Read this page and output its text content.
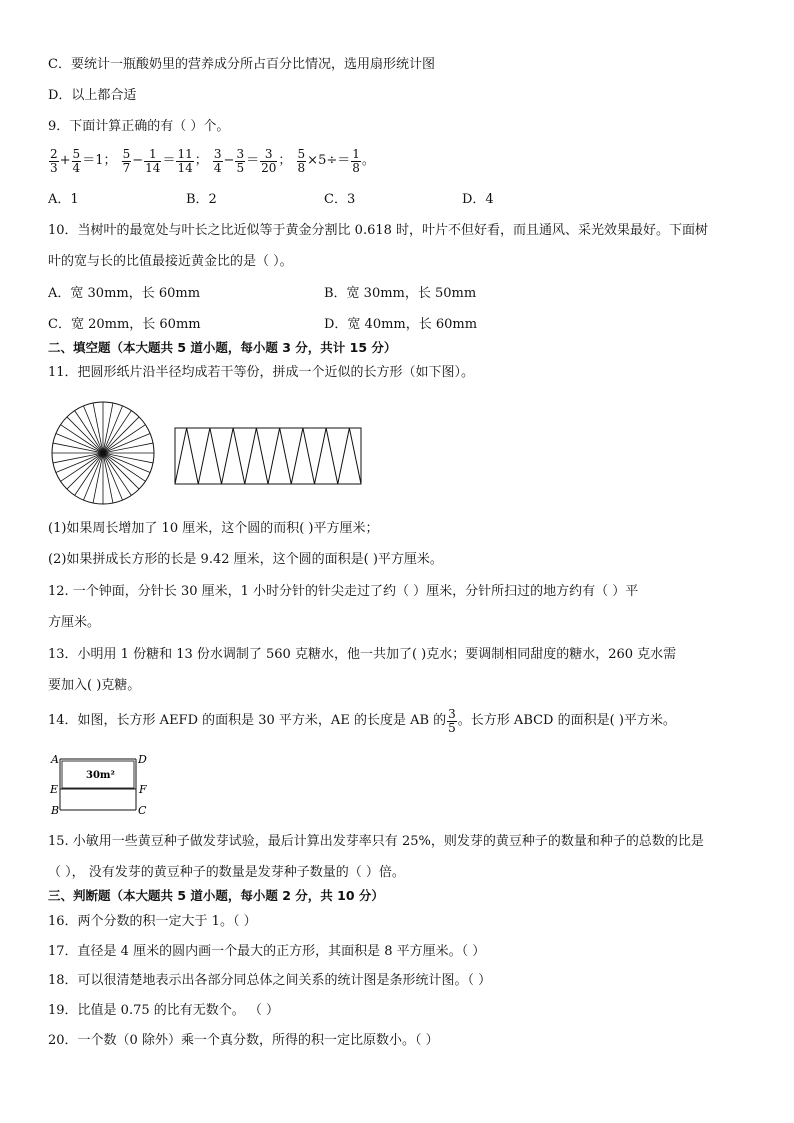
C．要统计一瓶酸奶里的营养成分所占百分比情况，选用扇形统计图
D．以上都合适
9．下面计算正确的有（ ）个。
$\frac{2}{3} + \frac{5}{4} =1$； $\frac{5}{7} - \frac{1}{14} = \frac{11}{14}$ ； $\frac{3}{4} - \frac{3}{5} = \frac{3}{20}$ ； $\frac{5}{8} \times 5\div= \frac{1}{8}$ 。
A．1	B．2	C．3	D．4
10．当树叶的最宽处与叶长之比近似等于黄金分割比 0.618 时，叶片不但好看，而且通风、采光效果最好。下面树
叶的宽与长的比值最接近黄金比的是（ ）。
A．宽 30mm，长 60mm	B．宽 30mm，长 50mm
C．宽 20mm，长 60mm	D．宽 40mm，长 60mm
二、填空题（本大题共 5 道小题，每小题 3 分，共计 15 分）
11．把圆形纸片沿半径均成若干等份，拼成一个近似的长方形（如下图）。
(1)如果周长增加了 10 厘米，这个圆的而积( )平方厘米；
(2)如果拼成长方形的长是 9.42 厘米，这个圆的面积是( )平方厘米。
12. 一个钟面，分针长 30 厘米，1 小时分针的针尖走过了约（ ）厘米，分针所扫过的地方约有（ ）平
方厘米。
13．小明用 1 份糖和 13 份水调制了 560 克糖水，他一共加了( )克水；要调制相同甜度的糖水，260 克水需
要加入( )克糖。
14．如图，长方形 AEFD 的面积是 30 平方米，AE 的长度是 AB 的 $\frac{3}{5}$ 。长方形 ABCD 的面积是( )平方米。
A	D
E	F
B	C
30m²
15. 小敏用一些黄豆种子做发芽试验，最后计算出发芽率只有 25%，则发芽的黄豆种子的数量和种子的总数的比是
（ ）， 没有发芽的黄豆种子的数量是发芽种子数量的（ ）倍。
三、判断题（本大题共 5 道小题，每小题 2 分，共 10 分）
16．两个分数的积一定大于 1。（ ）
17．直径是 4 厘米的圆内画一个最大的正方形，其面积是 8 平方厘米。（ ）
18．可以很清楚地表示出各部分同总体之间关系的统计图是条形统计图。（ ）
19．比值是 0.75 的比有无数个。 （ ）
20．一个数（0 除外）乘一个真分数，所得的积一定比原数小。（ ）
